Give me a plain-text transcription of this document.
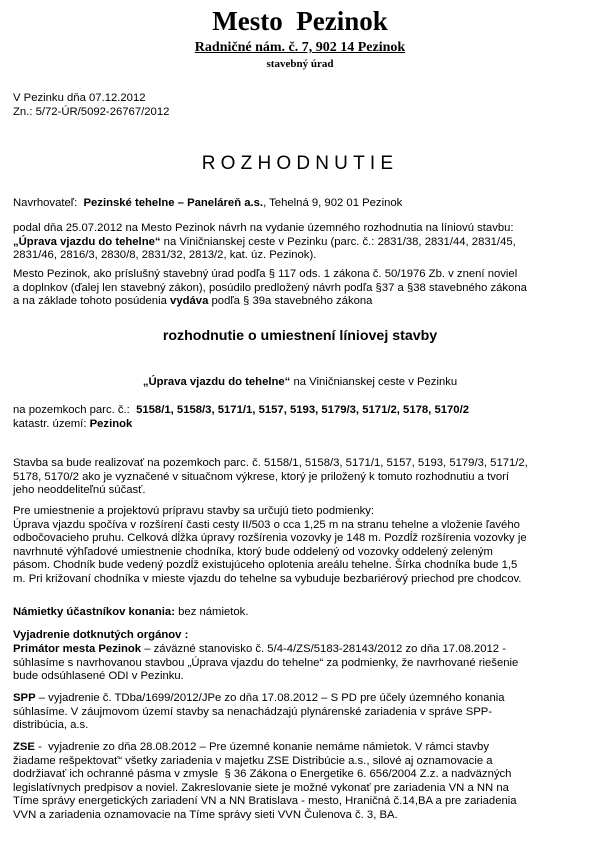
Mesto  Pezinok
Radničné nám. č. 7, 902 14 Pezinok
stavebný úrad
V Pezinku dňa 07.12.2012
Zn.: 5/72-ÚR/5092-26767/2012
ROZHODNUTIE
Navrhovateľ: Pezinské tehelne – Paneláreň a.s., Tehelná 9, 902 01 Pezinok
podal dňa 25.07.2012 na Mesto Pezinok návrh na vydanie územného rozhodnutia na líniovú stavbu:
„Úprava vjazdu do tehelne“ na Viničnianskej ceste v Pezinku (parc. č.: 2831/38, 2831/44, 2831/45,
2831/46, 2816/3, 2830/8, 2831/32, 2813/2, kat. úz. Pezinok).
Mesto Pezinok, ako príslušný stavebný úrad podľa § 117 ods. 1 zákona č. 50/1976 Zb. v znení noviel
a doplnkov (ďalej len stavebný zákon), posúdilo predložený návrh podľa §37 a §38 stavebného zákona
a na základe tohoto posúdenia vydáva podľa § 39a stavebného zákona
rozhodnutie o umiestnení líniovej stavby
„Úprava vjazdu do tehelne“ na Viničnianskej ceste v Pezinku
na pozemkoch parc. č.:  5158/1, 5158/3, 5171/1, 5157, 5193, 5179/3, 5171/2, 5178, 5170/2
katastr. území: Pezinok
Stavba sa bude realizovať na pozemkoch parc. č. 5158/1, 5158/3, 5171/1, 5157, 5193, 5179/3, 5171/2,
5178, 5170/2 ako je vyznačené v situačnom výkrese, ktorý je priložený k tomuto rozhodnutiu a tvorí
jeho neoddeliteľnú súčasť.
Pre umiestnenie a projektovú prípravu stavby sa určujú tieto podmienky:
Úprava vjazdu spočíva v rozšírení časti cesty II/503 o cca 1,25 m na stranu tehelne a vloženie ľavého
odbočovacieho pruhu. Celková dĺžka úpravy rozšírenia vozovky je 148 m. Pozdĺž rozšírenia vozovky je
navrhnuté výhľadové umiestnenie chodníka, ktorý bude oddelený od vozovky oddelený zeleným
pásom. Chodník bude vedený pozdĺž existujúceho oplotenia areálu tehelne. Šírka chodníka bude 1,5
m. Pri križovaní chodníka v mieste vjazdu do tehelne sa vybuduje bezbariérový priechod pre chodcov.
Námietky účastníkov konania: bez námietok.
Vyjadrenie dotknutých orgánov :
Primátor mesta Pezinok – záväzné stanovisko č. 5/4-4/ZS/5183-28143/2012 zo dňa 17.08.2012 -
súhlasíme s navrhovanou stavbou „Úprava vjazdu do tehelne“ za podmienky, že navrhované riešenie
bude odsúhlasené ODI v Pezinku.
SPP – vyjadrenie č. TDba/1699/2012/JPe zo dňa 17.08.2012 – S PD pre účely územného konania
súhlasíme. V záujmovom území stavby sa nenachádzajú plynárenské zariadenia v správe SPP-
distribúcia, a.s.
ZSE -  vyjadrenie zo dňa 28.08.2012 – Pre územné konanie nemáme námietok. V rámci stavby
žiadame rešpektovať“ všetky zariadenia v majetku ZSE Distribúcie a.s., silové aj oznamovacie a
dodržiavať ich ochranné pásma v zmysle  § 36 Zákona o Energetike 6. 656/2004 Z.z. a nadväzných
legislatívnych predpisov a noviel. Zakreslovanie siete je možné vykonať pre zariadenia VN a NN na
Tíme správy energetických zariadení VN a NN Bratislava - mesto, Hraničná č.14,BA a pre zariadenia
VVN a zariadenia oznamovacie na Tíme správy sieti VVN Čulenova č. 3, BA.
